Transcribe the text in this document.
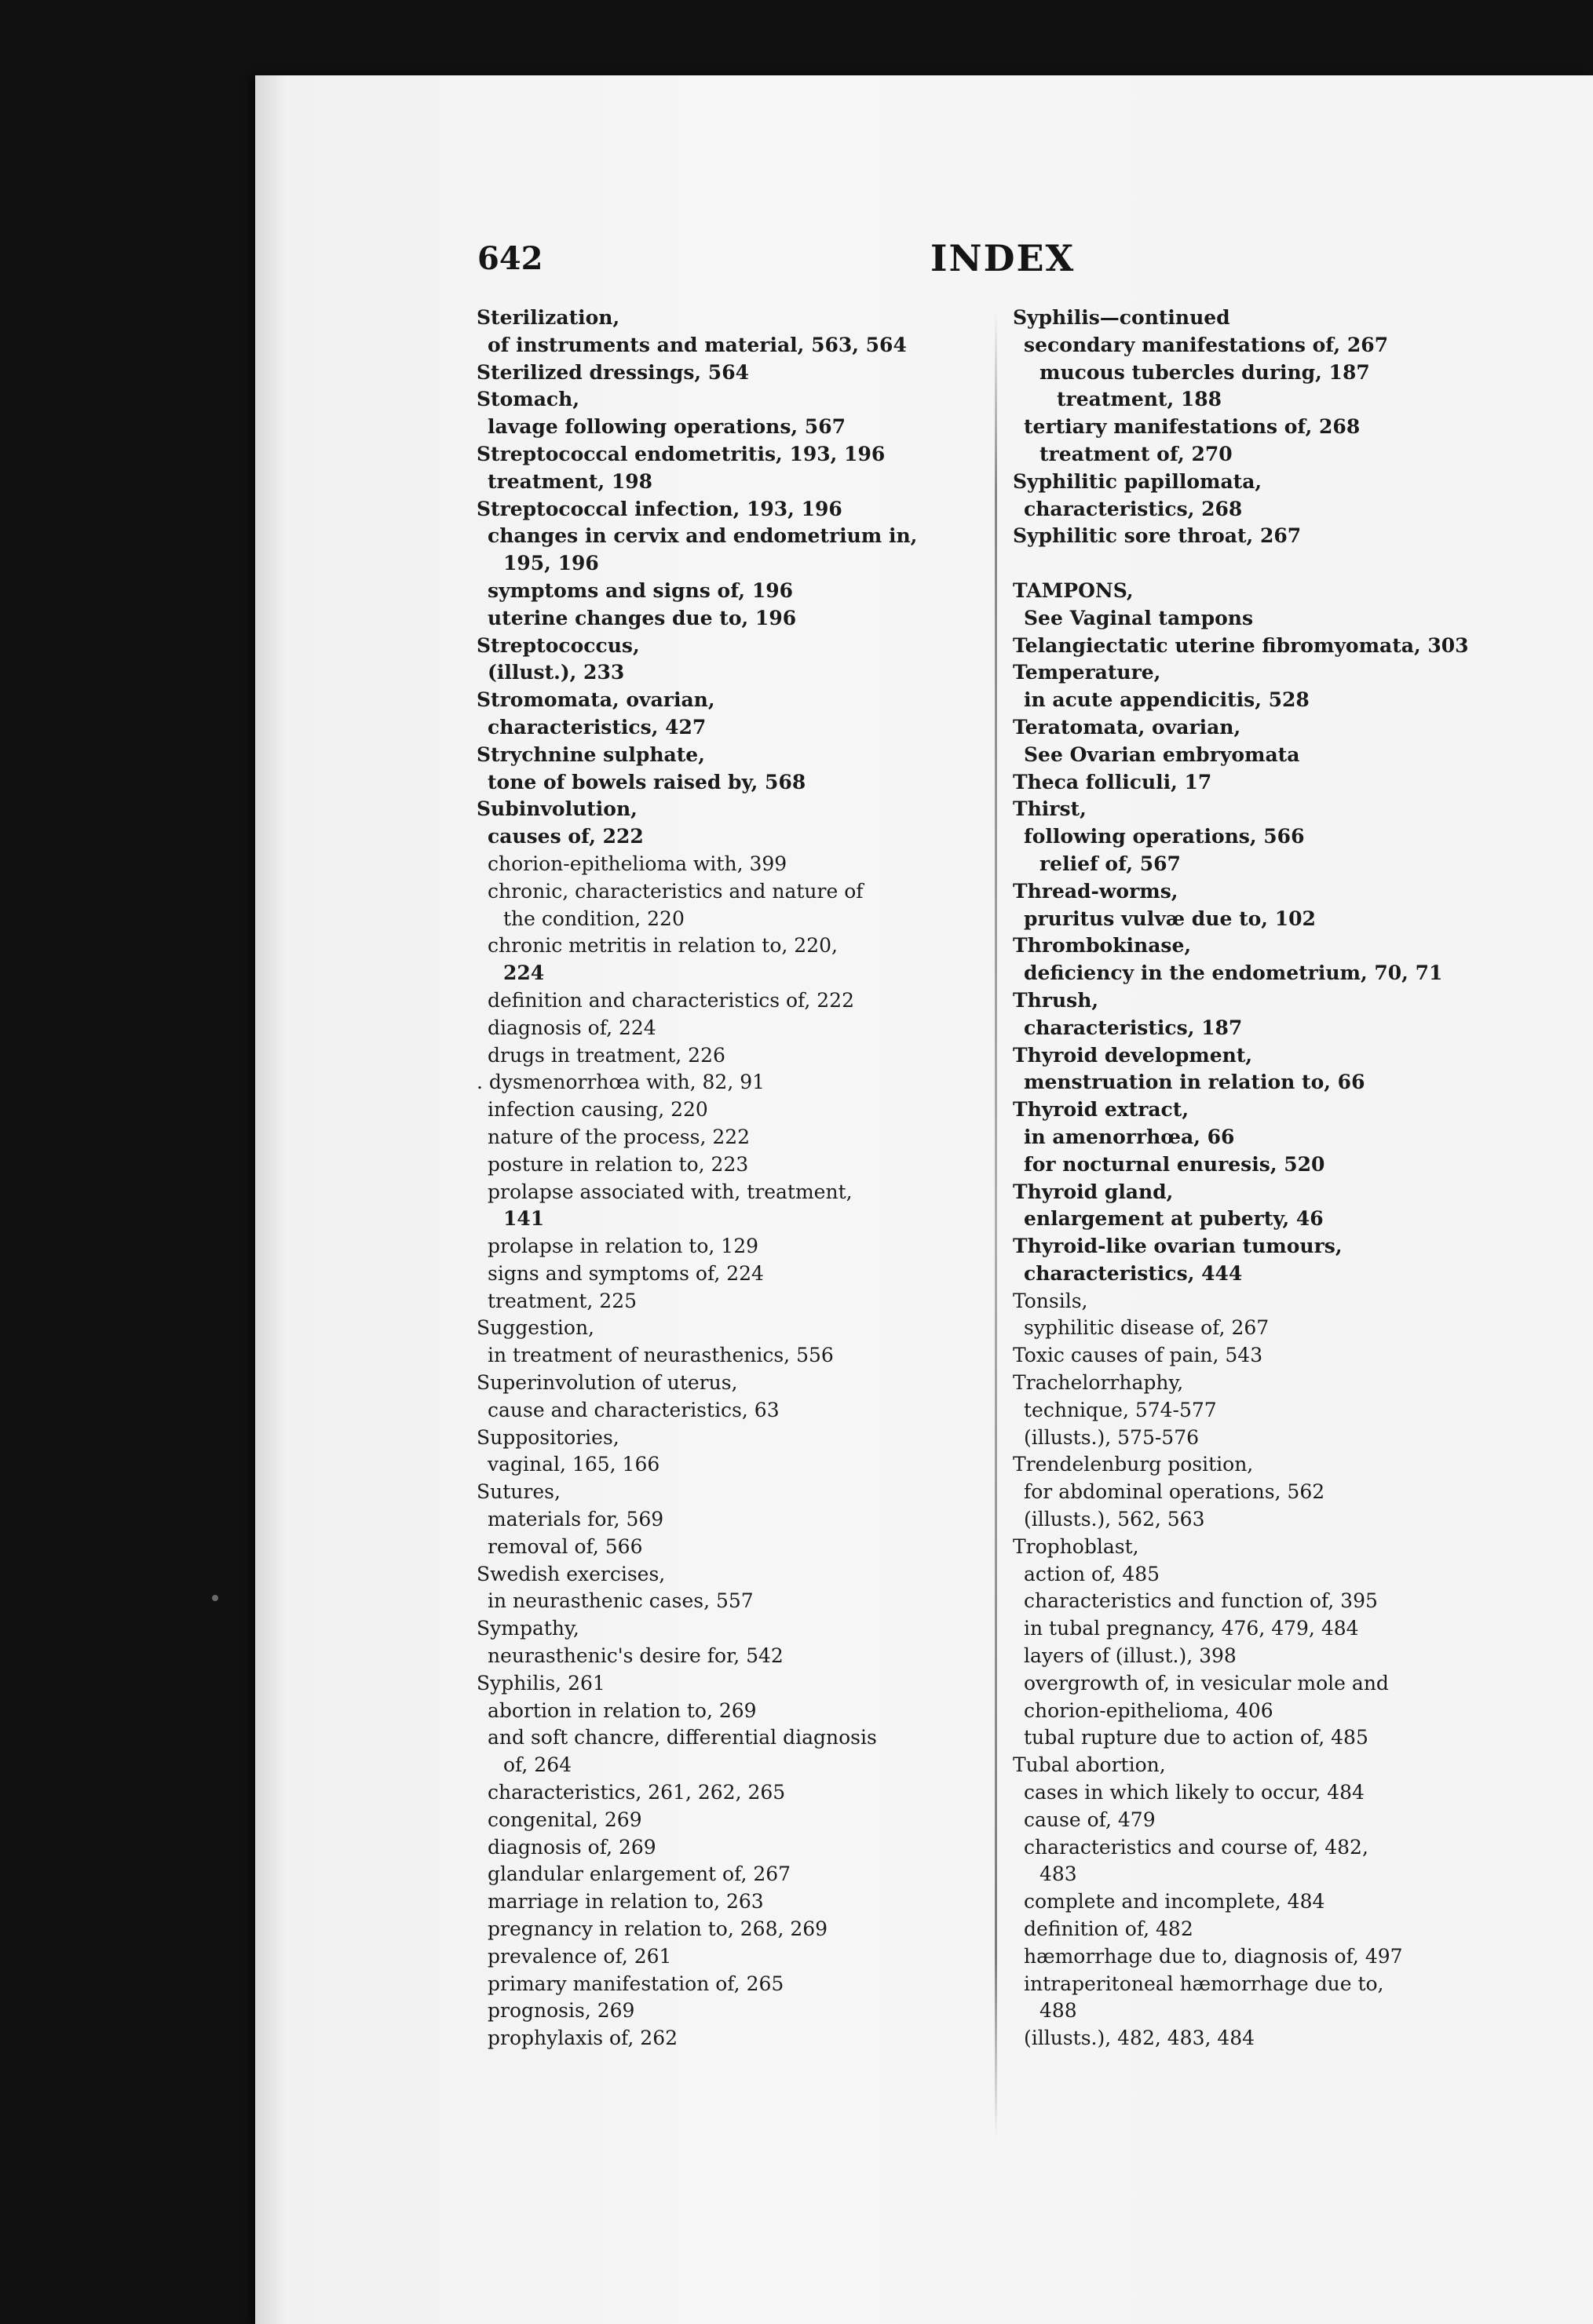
642	INDEX
Sterilization,
of instruments and material, 563, 564
Sterilized dressings, 564
Stomach,
lavage following operations, 567
Streptococcal endometritis, 193, 196
treatment, 198
Streptococcal infection, 193, 196
changes in cervix and endometrium in,
195, 196
symptoms and signs of, 196
uterine changes due to, 196
Streptococcus,
(illust.), 233
Stromomata, ovarian,
characteristics, 427
Strychnine sulphate,
tone of bowels raised by, 568
Subinvolution,
causes of, 222
chorion-epithelioma with, 399
chronic, characteristics and nature of
the condition, 220
chronic metritis in relation to, 220,
224
definition and characteristics of, 222
diagnosis of, 224
drugs in treatment, 226
. dysmenorrhœa with, 82, 91
infection causing, 220
nature of the process, 222
posture in relation to, 223
prolapse associated with, treatment,
141
prolapse in relation to, 129
signs and symptoms of, 224
treatment, 225
Suggestion,
in treatment of neurasthenics, 556
Superinvolution of uterus,
cause and characteristics, 63
Suppositories,
vaginal, 165, 166
Sutures,
materials for, 569
removal of, 566
Swedish exercises,
in neurasthenic cases, 557
Sympathy,
neurasthenic's desire for, 542
Syphilis, 261
abortion in relation to, 269
and soft chancre, differential diagnosis
of, 264
characteristics, 261, 262, 265
congenital, 269
diagnosis of, 269
glandular enlargement of, 267
marriage in relation to, 263
pregnancy in relation to, 268, 269
prevalence of, 261
primary manifestation of, 265
prognosis, 269
prophylaxis of, 262
Syphilis—continued
secondary manifestations of, 267
mucous tubercles during, 187
treatment, 188
tertiary manifestations of, 268
treatment of, 270
Syphilitic papillomata,
characteristics, 268
Syphilitic sore throat, 267
TAMPONS,
See Vaginal tampons
Telangiectatic uterine fibromyomata, 303
Temperature,
in acute appendicitis, 528
Teratomata, ovarian,
See Ovarian embryomata
Theca folliculi, 17
Thirst,
following operations, 566
relief of, 567
Thread-worms,
pruritus vulvæ due to, 102
Thrombokinase,
deficiency in the endometrium, 70, 71
Thrush,
characteristics, 187
Thyroid development,
menstruation in relation to, 66
Thyroid extract,
in amenorrhœa, 66
for nocturnal enuresis, 520
Thyroid gland,
enlargement at puberty, 46
Thyroid-like ovarian tumours,
characteristics, 444
Tonsils,
syphilitic disease of, 267
Toxic causes of pain, 543
Trachelorrhaphy,
technique, 574-577
(illusts.), 575-576
Trendelenburg position,
for abdominal operations, 562
(illusts.), 562, 563
Trophoblast,
action of, 485
characteristics and function of, 395
in tubal pregnancy, 476, 479, 484
layers of (illust.), 398
overgrowth of, in vesicular mole and
chorion-epithelioma, 406
tubal rupture due to action of, 485
Tubal abortion,
cases in which likely to occur, 484
cause of, 479
characteristics and course of, 482,
483
complete and incomplete, 484
definition of, 482
hæmorrhage due to, diagnosis of, 497
intraperitoneal hæmorrhage due to,
488
(illusts.), 482, 483, 484
